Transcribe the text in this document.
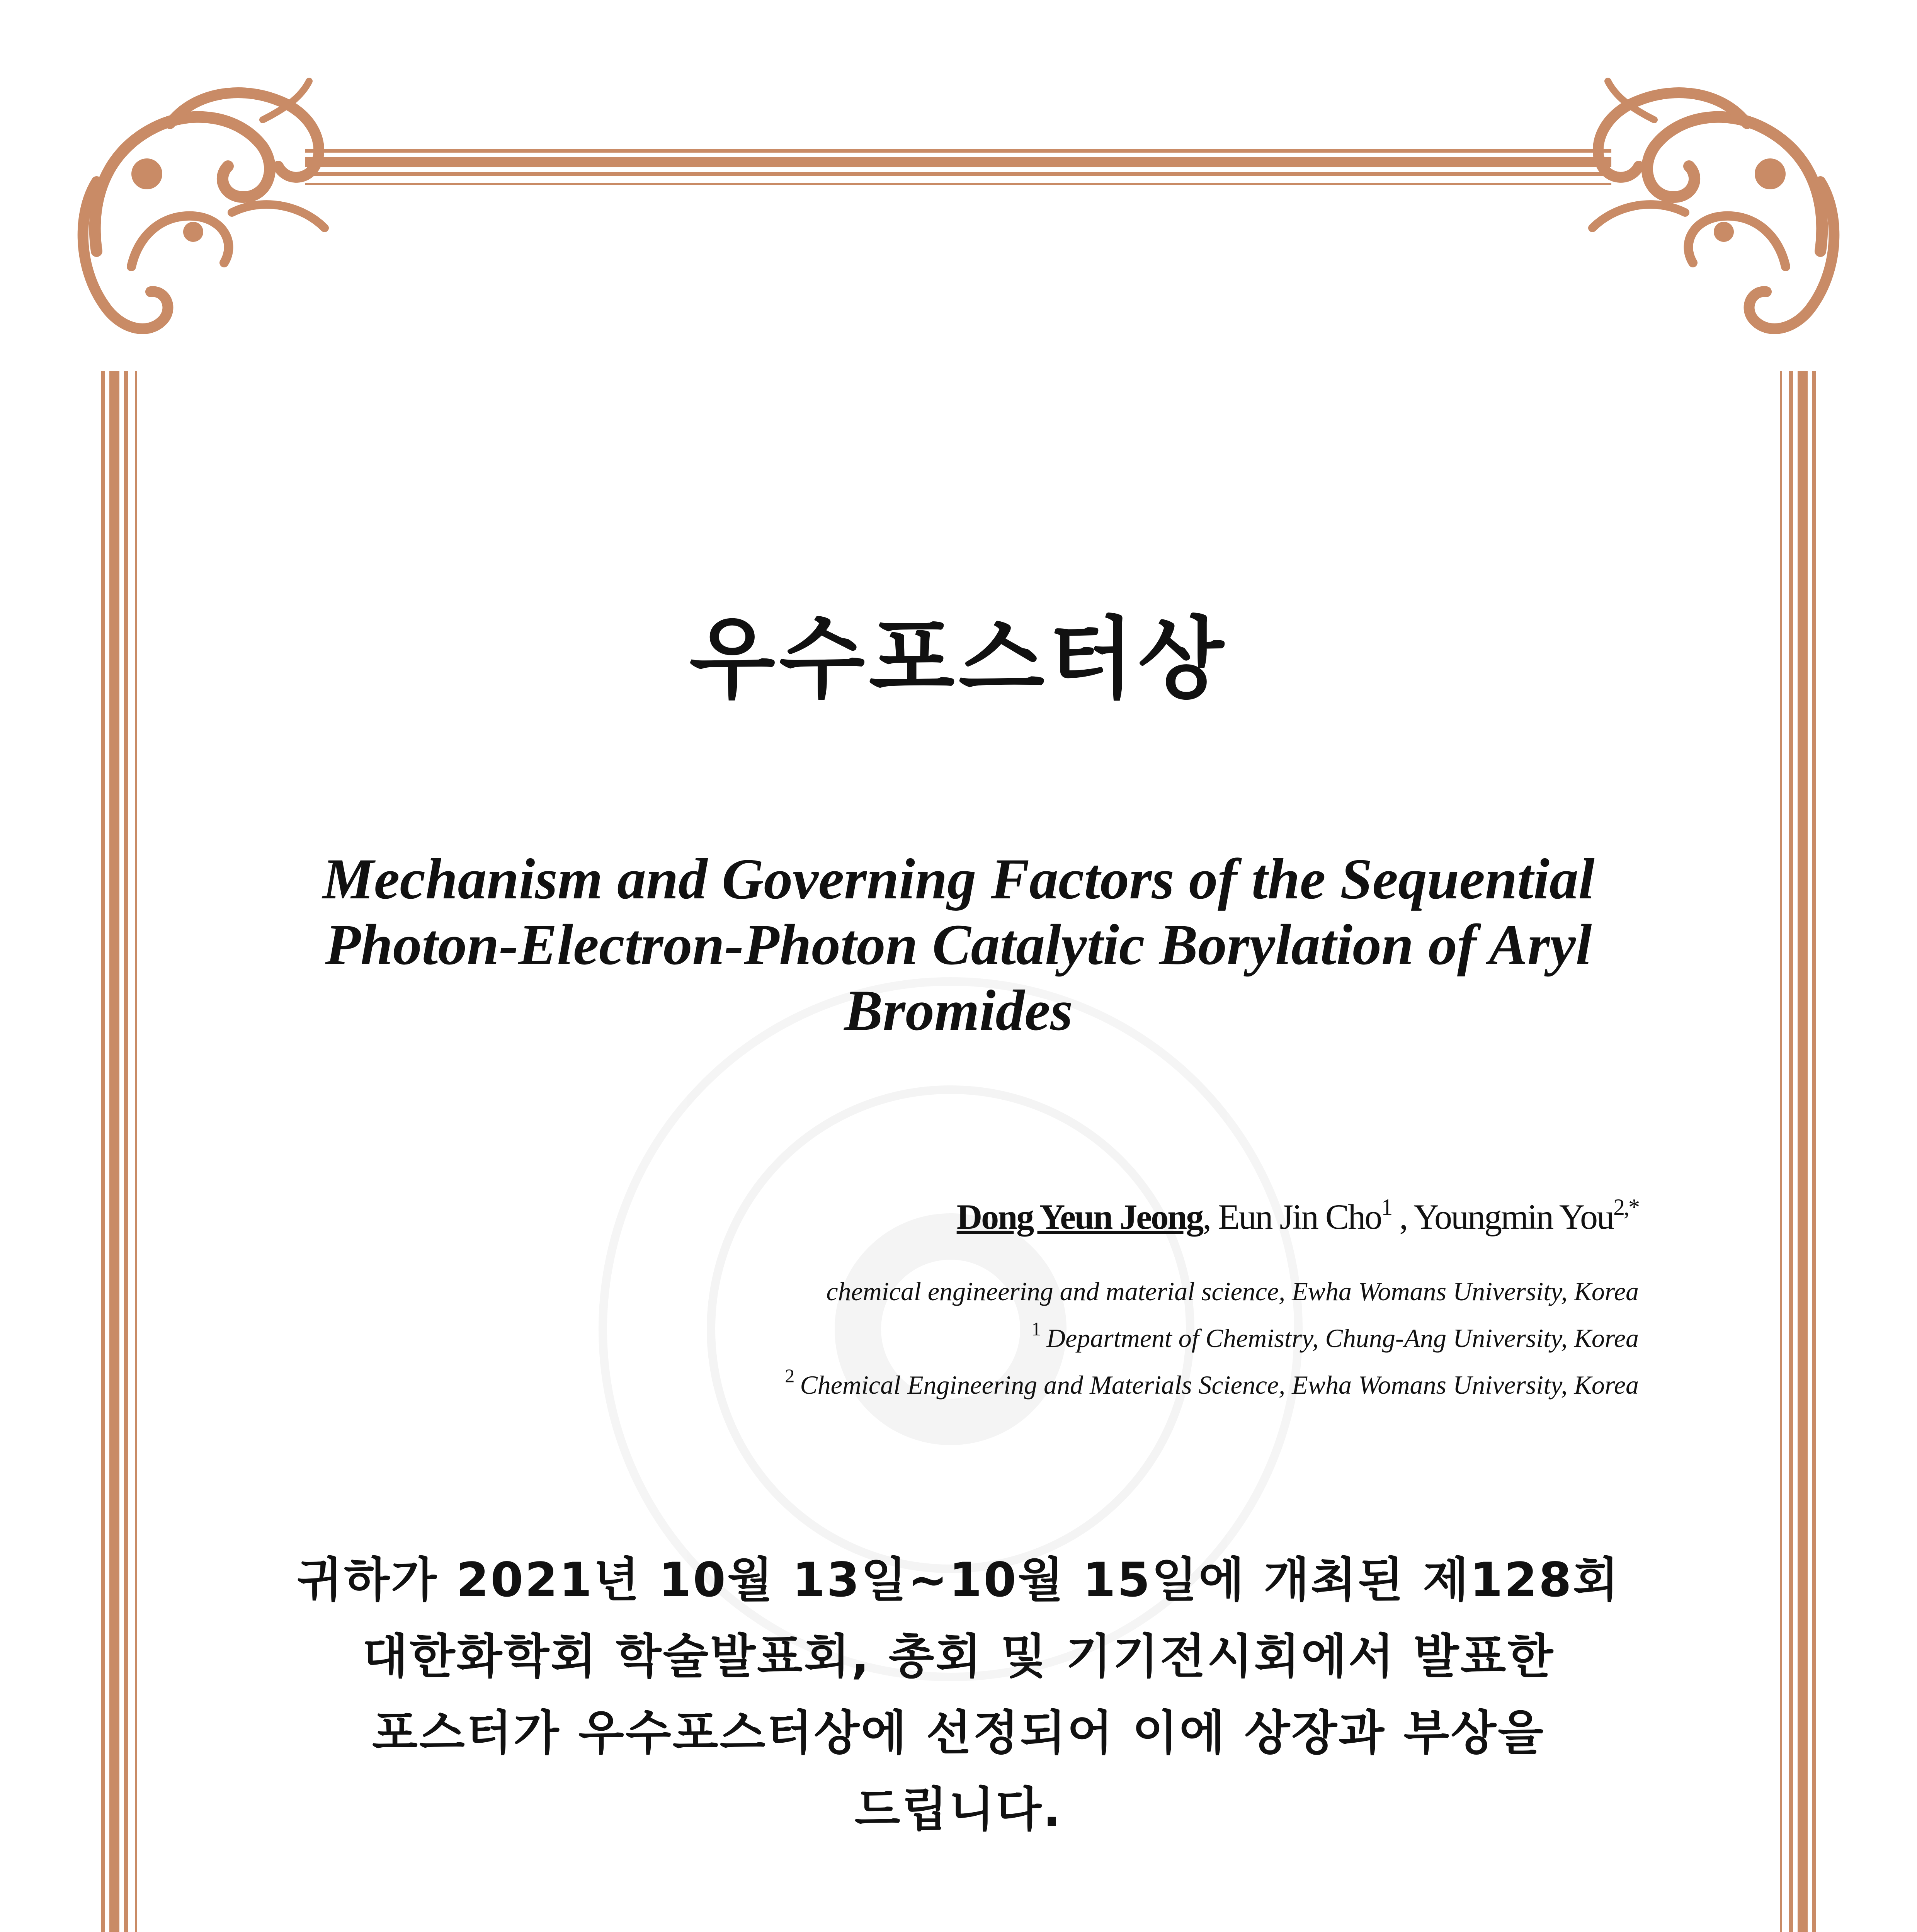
우수포스터상
Mechanism and Governing Factors of the Sequential
Photon-Electron-Photon Catalytic Borylation of Aryl
Bromides
Dong Yeun Jeong, Eun Jin Cho$^1$ , Youngmin You$^{2,*}$
chemical engineering and material science, Ewha Womans University, Korea
$^1$ Department of Chemistry, Chung-Ang University, Korea
$^2$ Chemical Engineering and Materials Science, Ewha Womans University, Korea
귀하가 2021년 10월 13일~10월 15일에 개최된 제128회
대한화학회 학술발표회, 총회 및 기기전시회에서 발표한
포스터가 우수포스터상에 선정되어 이에 상장과 부상을
드립니다.
